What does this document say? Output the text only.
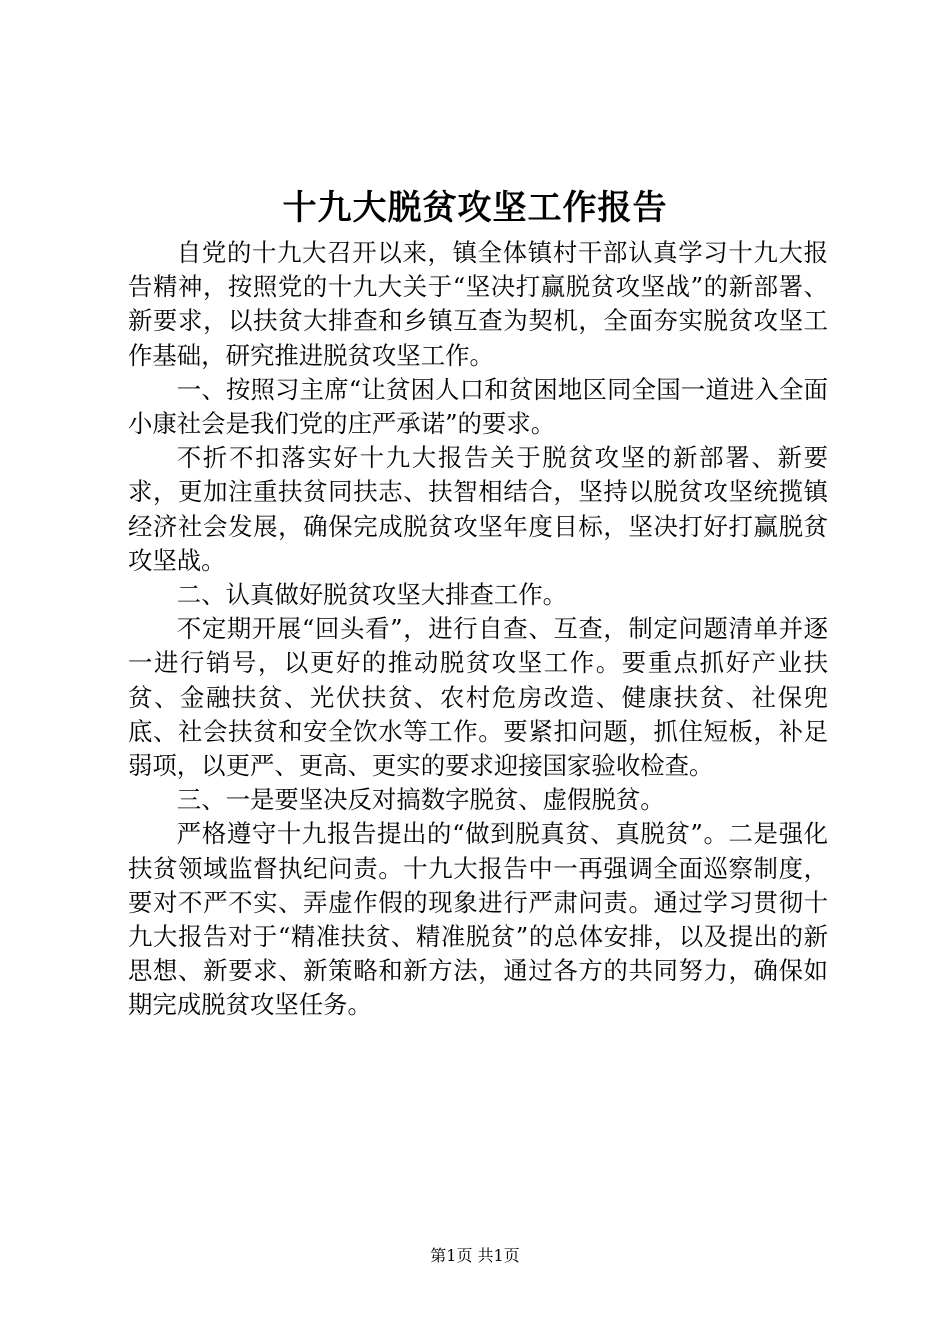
十九大脱贫攻坚工作报告

自党的十九大召开以来，镇全体镇村干部认真学习十九大报告精神，按照党的十九大关于“坚决打赢脱贫攻坚战”的新部署、新要求，以扶贫大排查和乡镇互查为契机，全面夯实脱贫攻坚工作基础，研究推进脱贫攻坚工作。

一、按照习主席“让贫困人口和贫困地区同全国一道进入全面小康社会是我们党的庄严承诺”的要求。

不折不扣落实好十九大报告关于脱贫攻坚的新部署、新要求，更加注重扶贫同扶志、扶智相结合，坚持以脱贫攻坚统揽镇经济社会发展，确保完成脱贫攻坚年度目标，坚决打好打赢脱贫攻坚战。

二、认真做好脱贫攻坚大排查工作。

不定期开展“回头看”，进行自查、互查，制定问题清单并逐一进行销号，以更好的推动脱贫攻坚工作。要重点抓好产业扶贫、金融扶贫、光伏扶贫、农村危房改造、健康扶贫、社保兜底、社会扶贫和安全饮水等工作。要紧扣问题，抓住短板，补足弱项，以更严、更高、更实的要求迎接国家验收检查。

三、一是要坚决反对搞数字脱贫、虚假脱贫。

严格遵守十九报告提出的“做到脱真贫、真脱贫”。二是强化扶贫领域监督执纪问责。十九大报告中一再强调全面巡察制度，要对不严不实、弄虚作假的现象进行严肃问责。通过学习贯彻十九大报告对于“精准扶贫、精准脱贫”的总体安排，以及提出的新思想、新要求、新策略和新方法，通过各方的共同努力，确保如期完成脱贫攻坚任务。

第1页 共1页
